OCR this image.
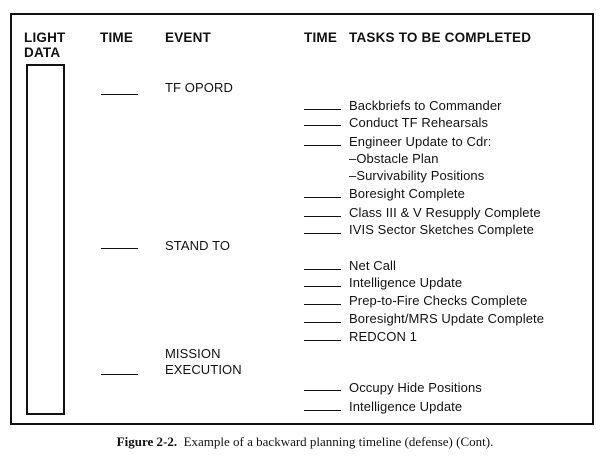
LIGHT DATA
TIME EVENT	TIME TASKS TO BE COMPLETED
TF OPORD
STAND TO
MISSION
EXECUTION
Backbriefs to Commander
Conduct TF Rehearsals
Engineer Update to Cdr:
–Obstacle Plan
–Survivability Positions
Boresight Complete
Class III & V Resupply Complete
IVIS Sector Sketches Complete
Net Call
Intelligence Update
Prep-to-Fire Checks Complete
Boresight/MRS Update Complete
REDCON 1
Occupy Hide Positions
Intelligence Update
Figure 2-2. Example of a backward planning timeline (defense) (Cont).
